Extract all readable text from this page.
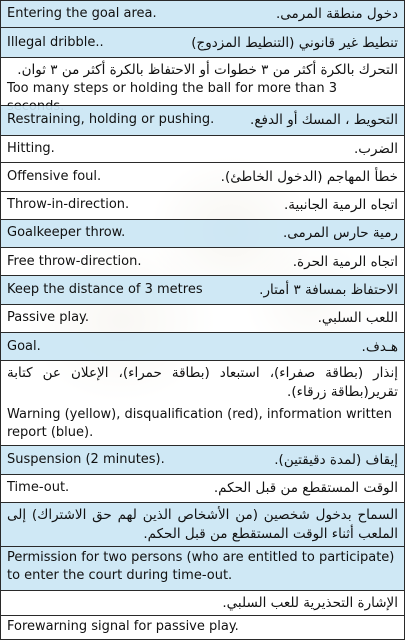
Entering the goal area.	دخول منطقة المرمى.
Illegal dribble..	تنطيط غير قانوني (التنطيط المزدوج)
التحرك بالكرة أكثر من ٣ خطوات أو الاحتفاظ بالكرة أكثر من ٣ ثوان.
Too many steps or holding the ball for more than 3
Restraining, holding or pushing.	التحويط ، المسك أو الدفع.
Hitting.	الضرب.
Offensive foul.	خطأ المهاجم (الدخول الخاطئ).
Throw-in-direction.	اتجاه الرمية الجانبية.
Goalkeeper throw.	رمية حارس المرمى.
Free throw-direction.	اتجاه الرمية الحرة.
Keep the distance of 3 metres	الاحتفاظ بمسافة ٣ أمتار.
Passive play.	اللعب السلبي.
Goal.	هـدف.
إنذار (بطاقة صفراء)، استبعاد (بطاقة حمراء)، الإعلان عن كتابة تقرير(بطاقة زرقاء).
Warning (yellow), disqualification (red), information written report (blue).
Suspension (2 minutes).	إيقاف (لمدة دقيقتين).
Time-out.	الوقت المستقطع من قبل الحكم.
السماح بدخول شخصين (من الأشخاص الذين لهم حق الاشتراك) إلى الملعب أثناء الوقت المستقطع من قبل الحكم.
Permission for two persons (who are entitled to participate) to enter the court during time-out.
الإشارة التحذيرية للعب السلبي.
Forewarning signal for passive play.
